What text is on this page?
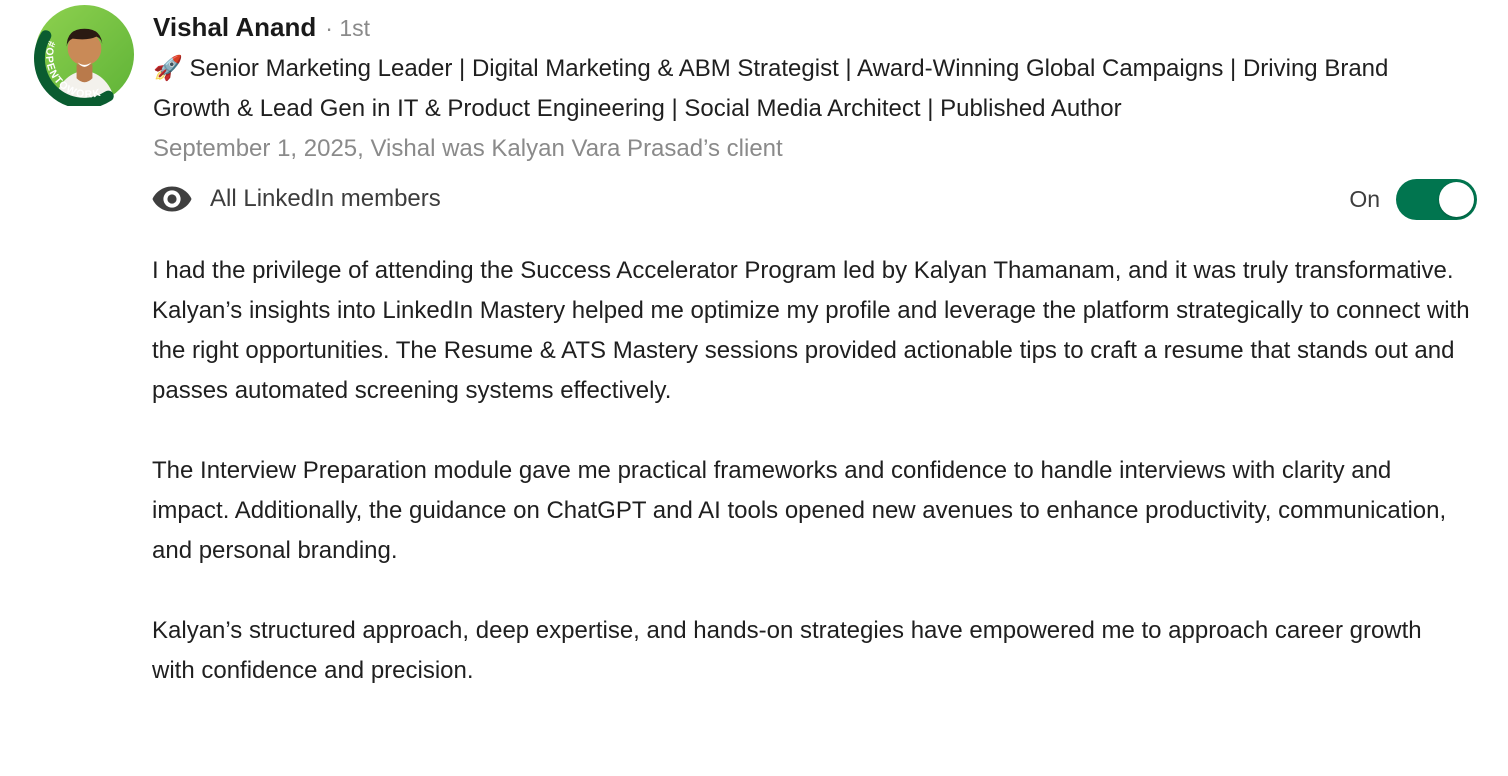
#OPENTOWORK
Vishal Anand · 1st
🚀 Senior Marketing Leader | Digital Marketing & ABM Strategist | Award-Winning Global Campaigns | Driving Brand Growth & Lead Gen in IT & Product Engineering | Social Media Architect | Published Author
September 1, 2025, Vishal was Kalyan Vara Prasad’s client
All LinkedIn members	On

I had the privilege of attending the Success Accelerator Program led by Kalyan Thamanam, and it was truly transformative. Kalyan’s insights into LinkedIn Mastery helped me optimize my profile and leverage the platform strategically to connect with the right opportunities. The Resume & ATS Mastery sessions provided actionable tips to craft a resume that stands out and passes automated screening systems effectively.

The Interview Preparation module gave me practical frameworks and confidence to handle interviews with clarity and impact. Additionally, the guidance on ChatGPT and AI tools opened new avenues to enhance productivity, communication, and personal branding.

Kalyan’s structured approach, deep expertise, and hands-on strategies have empowered me to approach career growth with confidence and precision.
